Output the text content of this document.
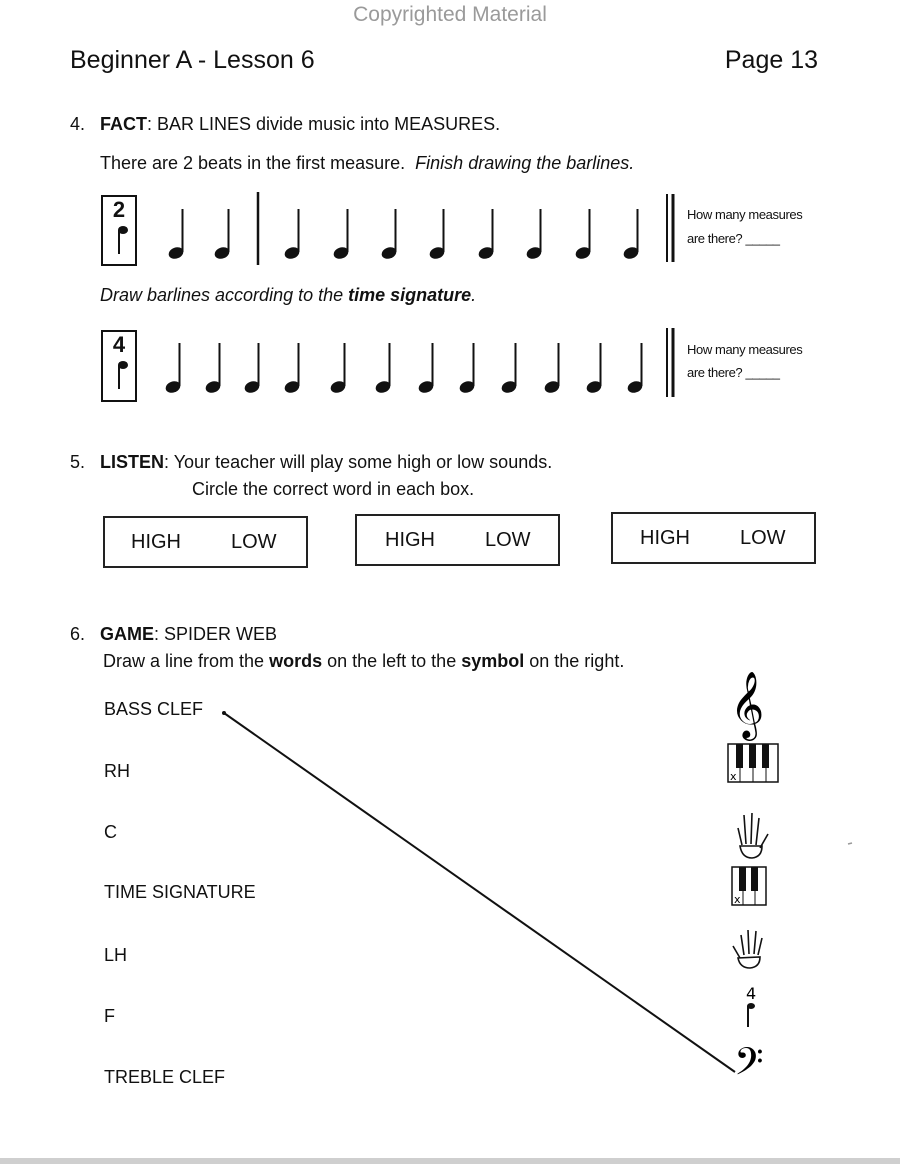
Copyrighted Material
Beginner A - Lesson 6	Page 13
4. FACT: BAR LINES divide music into MEASURES.
There are 2 beats in the first measure. Finish drawing the barlines.
2	How many measures
are there? _____
Draw barlines according to the time signature.
4	How many measures
are there? _____
5. LISTEN: Your teacher will play some high or low sounds.
Circle the correct word in each box.
HIGH	LOW	HIGH	LOW	HIGH	LOW
6. GAME: SPIDER WEB
Draw a line from the words on the left to the symbol on the right.
BASS CLEF
RH
C
TIME SIGNATURE
LH
F
TREBLE CLEF
𝄞
x
x
4
𝄢
